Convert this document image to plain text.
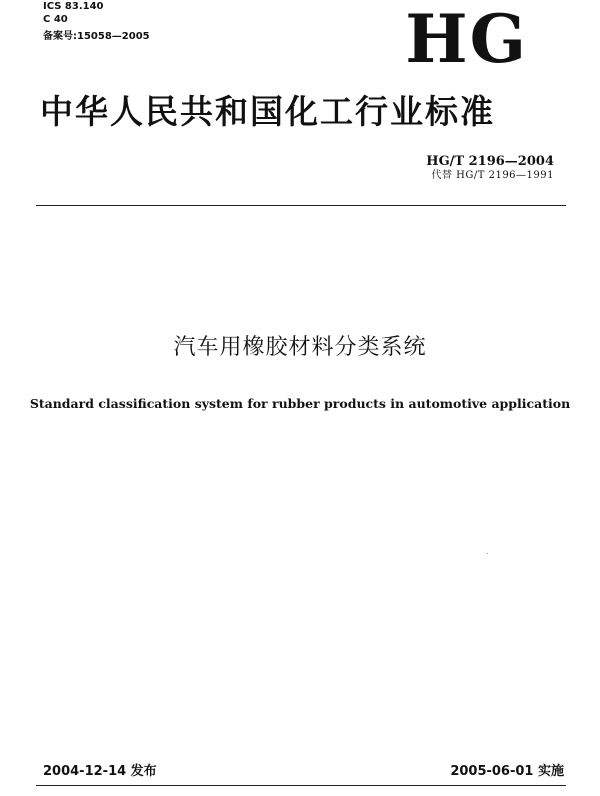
ICS 83.140
C 40
备案号:15058—2005	HG
中华人民共和国化工行业标准
HG/T 2196—2004
代替 HG/T 2196—1991
汽车用橡胶材料分类系统
Standard classification system for rubber products in automotive application
2004-12-14 发布	2005-06-01 实施
